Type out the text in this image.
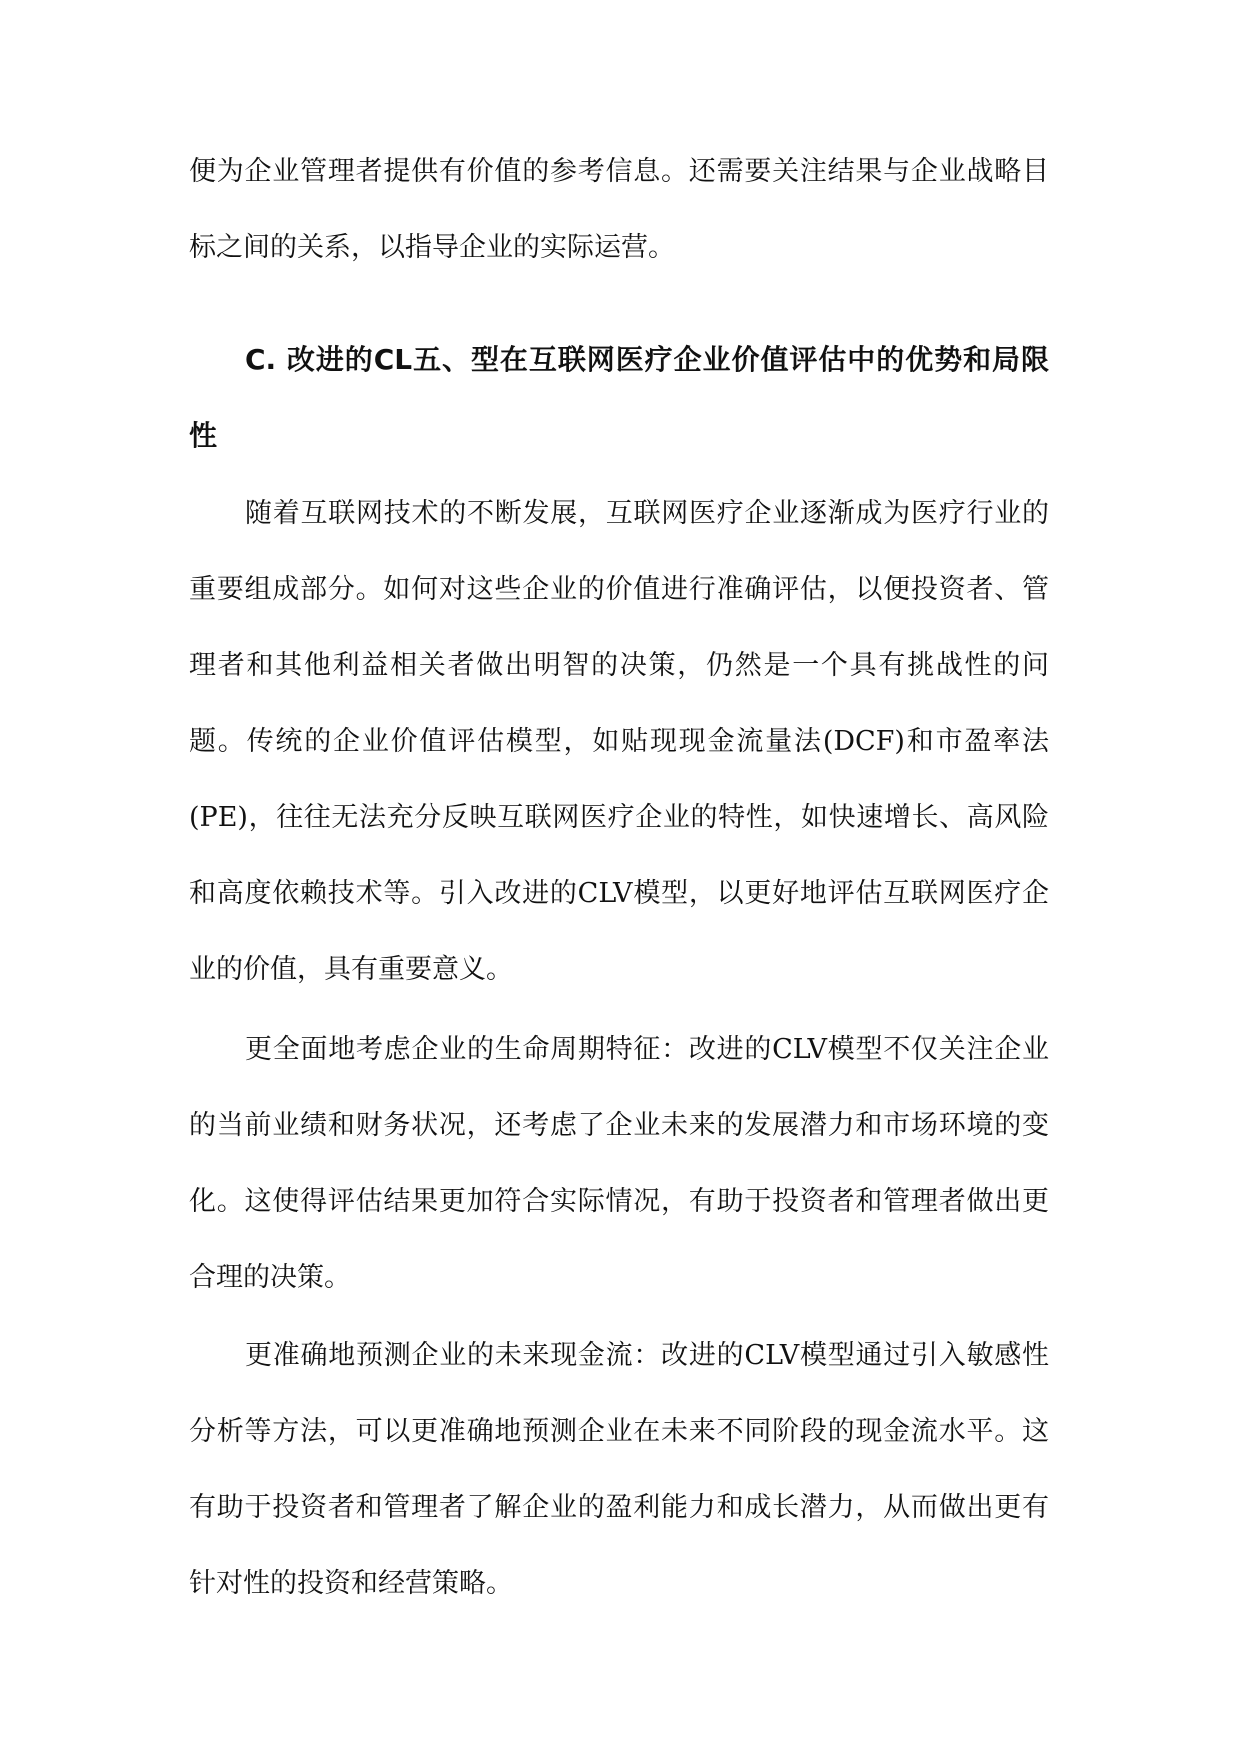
便为企业管理者提供有价值的参考信息。还需要关注结果与企业战略目标之间的关系，以指导企业的实际运营。

C. 改进的CL五、型在互联网医疗企业价值评估中的优势和局限性

随着互联网技术的不断发展，互联网医疗企业逐渐成为医疗行业的重要组成部分。如何对这些企业的价值进行准确评估，以便投资者、管理者和其他利益相关者做出明智的决策，仍然是一个具有挑战性的问题。传统的企业价值评估模型，如贴现现金流量法(DCF)和市盈率法(PE)，往往无法充分反映互联网医疗企业的特性，如快速增长、高风险和高度依赖技术等。引入改进的CLV模型，以更好地评估互联网医疗企业的价值，具有重要意义。

更全面地考虑企业的生命周期特征：改进的CLV模型不仅关注企业的当前业绩和财务状况，还考虑了企业未来的发展潜力和市场环境的变化。这使得评估结果更加符合实际情况，有助于投资者和管理者做出更合理的决策。

更准确地预测企业的未来现金流：改进的CLV模型通过引入敏感性分析等方法，可以更准确地预测企业在未来不同阶段的现金流水平。这有助于投资者和管理者了解企业的盈利能力和成长潜力，从而做出更有针对性的投资和经营策略。
